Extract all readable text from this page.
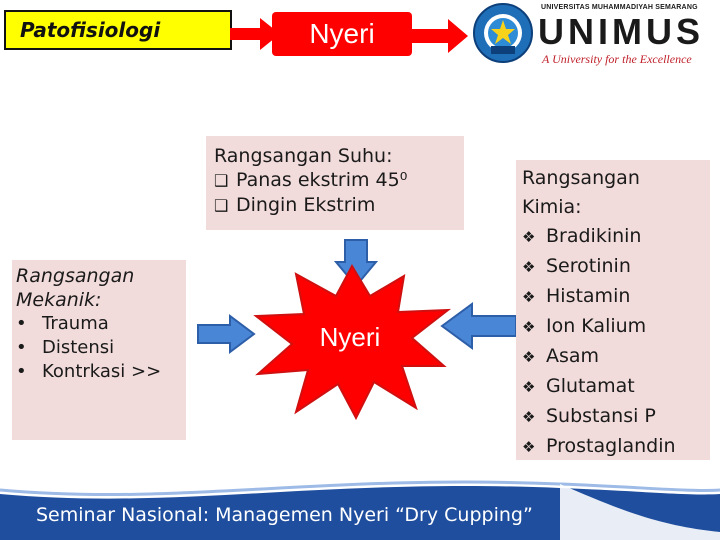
Patofisiologi	Nyeri
UNIVERSITAS MUHAMMADIYAH SEMARANG
UNIMUS
A University for the Excellence
Rangsangan Suhu:
❑ Panas ekstrim 45⁰
❑ Dingin Ekstrim
Rangsangan
Mekanik:
• Trauma
• Distensi
• Kontrkasi >>
Nyeri
Rangsangan
Kimia:
❖ Bradikinin
❖ Serotinin
❖ Histamin
❖ Ion Kalium
❖ Asam
❖ Glutamat
❖ Substansi P
❖ Prostaglandin
Seminar Nasional: Managemen Nyeri “Dry Cupping”
